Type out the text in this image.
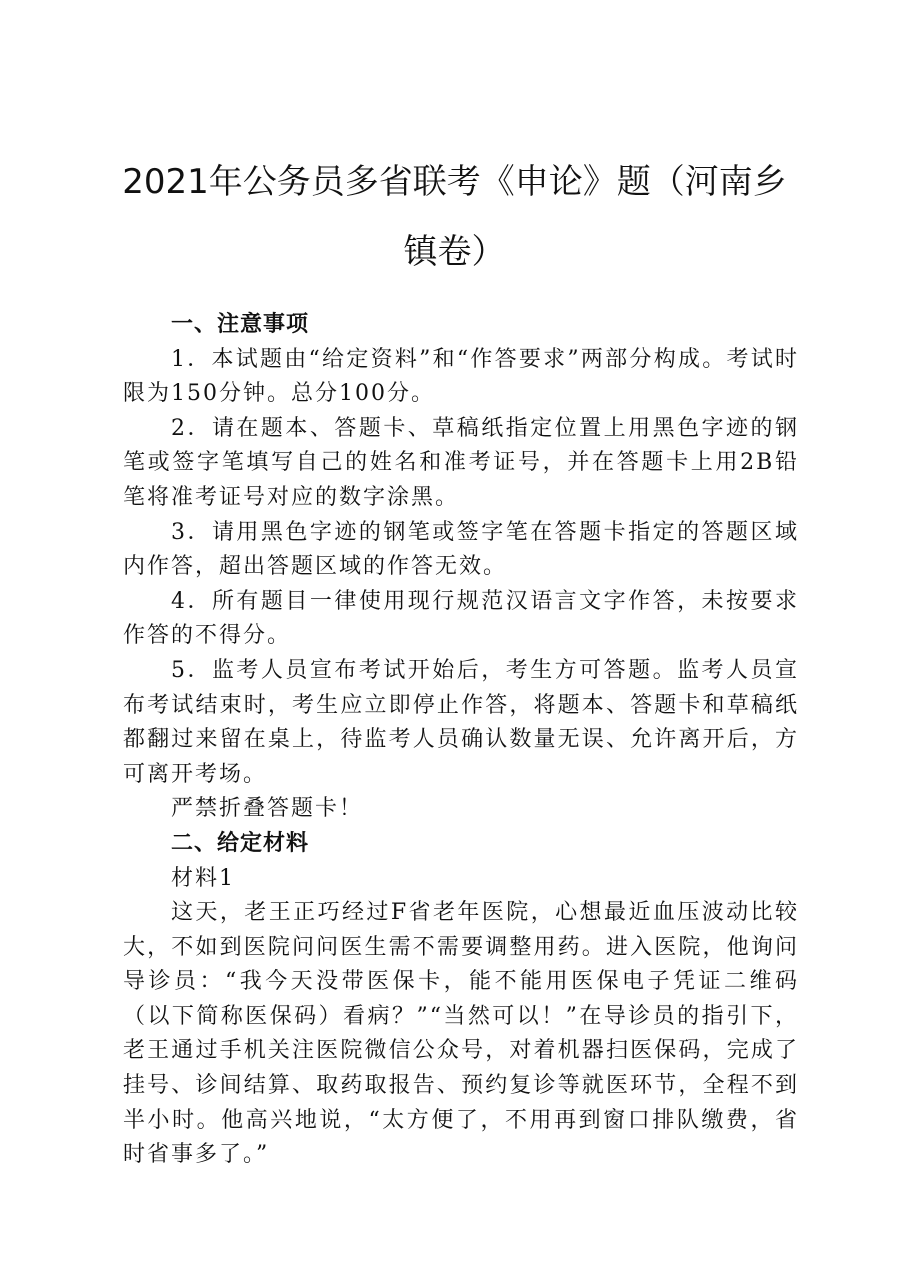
2021年公务员多省联考《申论》题（河南乡
镇卷）

一、注意事项

1．本试题由“给定资料”和“作答要求”两部分构成。考试时限为150分钟。总分100分。

2．请在题本、答题卡、草稿纸指定位置上用黑色字迹的钢笔或签字笔填写自己的姓名和准考证号，并在答题卡上用2B铅笔将准考证号对应的数字涂黑。

3．请用黑色字迹的钢笔或签字笔在答题卡指定的答题区域内作答，超出答题区域的作答无效。

4．所有题目一律使用现行规范汉语言文字作答，未按要求作答的不得分。

5．监考人员宣布考试开始后，考生方可答题。监考人员宣布考试结束时，考生应立即停止作答，将题本、答题卡和草稿纸都翻过来留在桌上，待监考人员确认数量无误、允许离开后，方可离开考场。

严禁折叠答题卡！

二、给定材料

材料1

这天，老王正巧经过F省老年医院，心想最近血压波动比较大，不如到医院问问医生需不需要调整用药。进入医院，他询问导诊员：“我今天没带医保卡，能不能用医保电子凭证二维码（以下简称医保码）看病？”“当然可以！”在导诊员的指引下，老王通过手机关注医院微信公众号，对着机器扫医保码，完成了挂号、诊间结算、取药取报告、预约复诊等就医环节，全程不到半小时。他高兴地说，“太方便了，不用再到窗口排队缴费，省时省事多了。”
